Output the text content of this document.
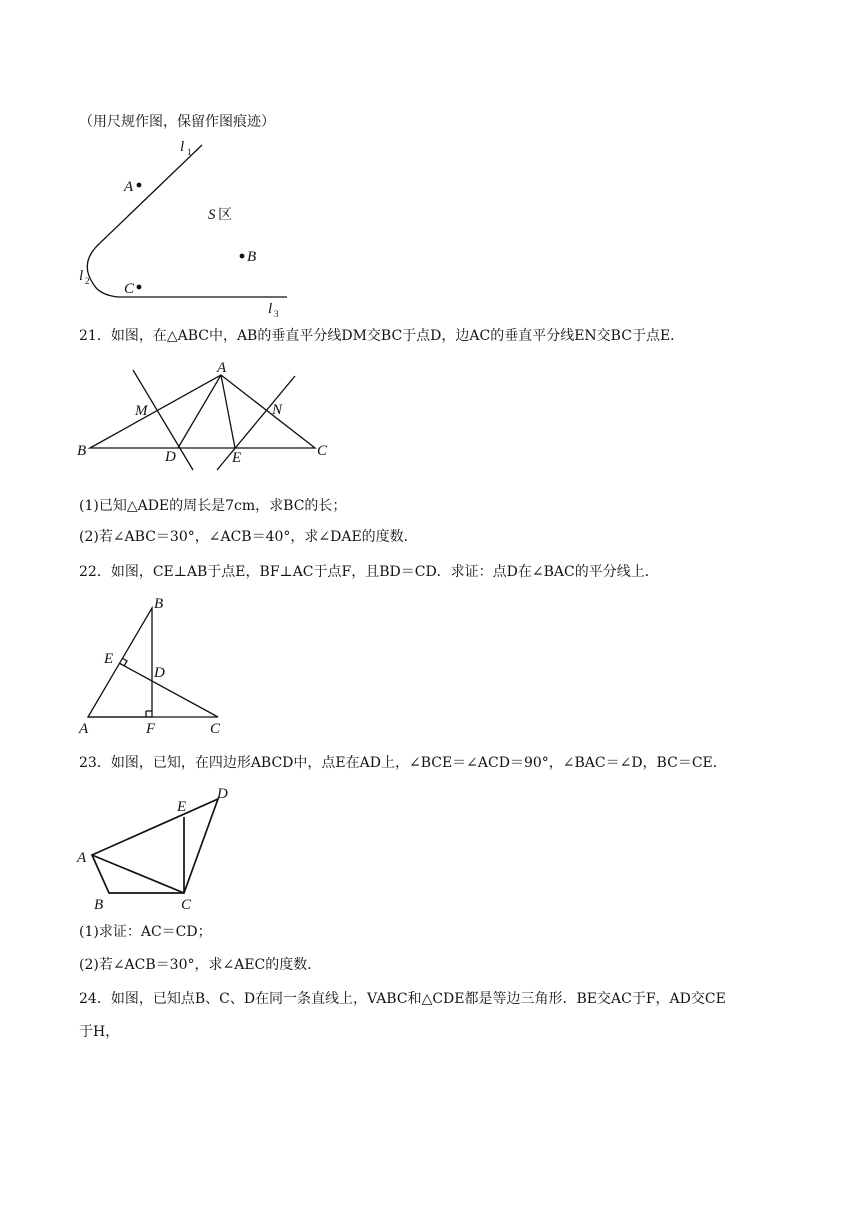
（用尺规作图，保留作图痕迹）
l 1
l 2
l 3
A
B
C
S 区
21．如图，在△ABC中，AB的垂直平分线DM交BC于点D，边AC的垂直平分线EN交BC于点E．
A
B	C
D	E
M	N
(1)已知△ADE的周长是7cm，求BC的长；
(2)若∠ABC＝30°，∠ACB＝40°，求∠DAE的度数．
22．如图，CE⊥AB于点E，BF⊥AC于点F，且BD＝CD．求证：点D在∠BAC的平分线上．
B
E
D
A	F	C
23．如图，已知，在四边形ABCD中，点E在AD上，∠BCE＝∠ACD＝90°，∠BAC＝∠D，BC＝CE．
E
D
A
B	C
(1)求证：AC＝CD；
(2)若∠ACB＝30°，求∠AEC的度数．
24．如图，已知点B、C、D在同一条直线上，VABC和△CDE都是等边三角形．BE交AC于F，AD交CE
于H，
